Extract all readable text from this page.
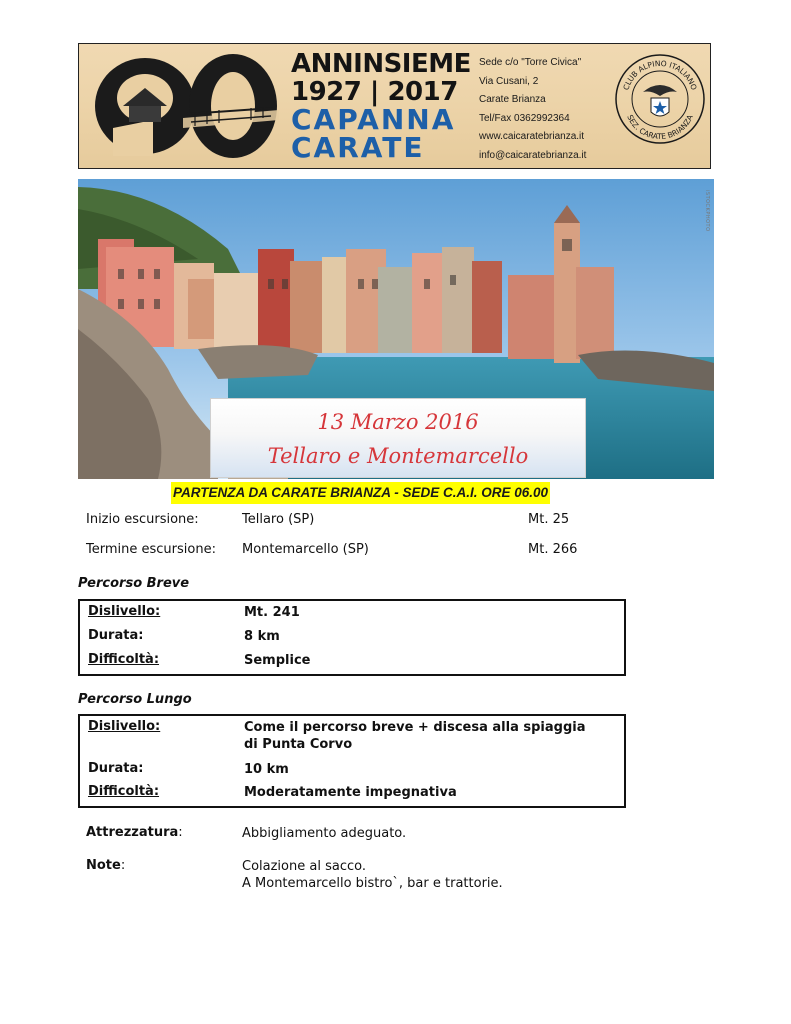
ANNINSIEME
1927 | 2017
CAPANNA
CARATE
Sede c/o "Torre Civica"
Via Cusani, 2
Carate Brianza
Tel/Fax 0362992364
www.caicaratebrianza.it
info@caicaratebrianza.it
CLUB ALPINO ITALIANO
SEZ. CARATE BRIANZA
iSTOCKPHOTO
13 Marzo 2016
Tellaro e Montemarcello
PARTENZA DA CARATE BRIANZA - SEDE C.A.I. ORE 06.00
Inizio escursione:	Tellaro (SP)	Mt. 25
Termine escursione: Montemarcello (SP)	Mt. 266
Percorso Breve
Dislivello:	Mt. 241
Durata:	8 km
Difficoltà:	Semplice
Percorso Lungo
Dislivello:	Come il percorso breve + discesa alla spiaggia
di Punta Corvo
Durata:	10 km
Difficoltà:	Moderatamente impegnativa
Attrezzatura:	Abbigliamento adeguato.
Note:	Colazione al sacco.
A Montemarcello bistro`, bar e trattorie.
